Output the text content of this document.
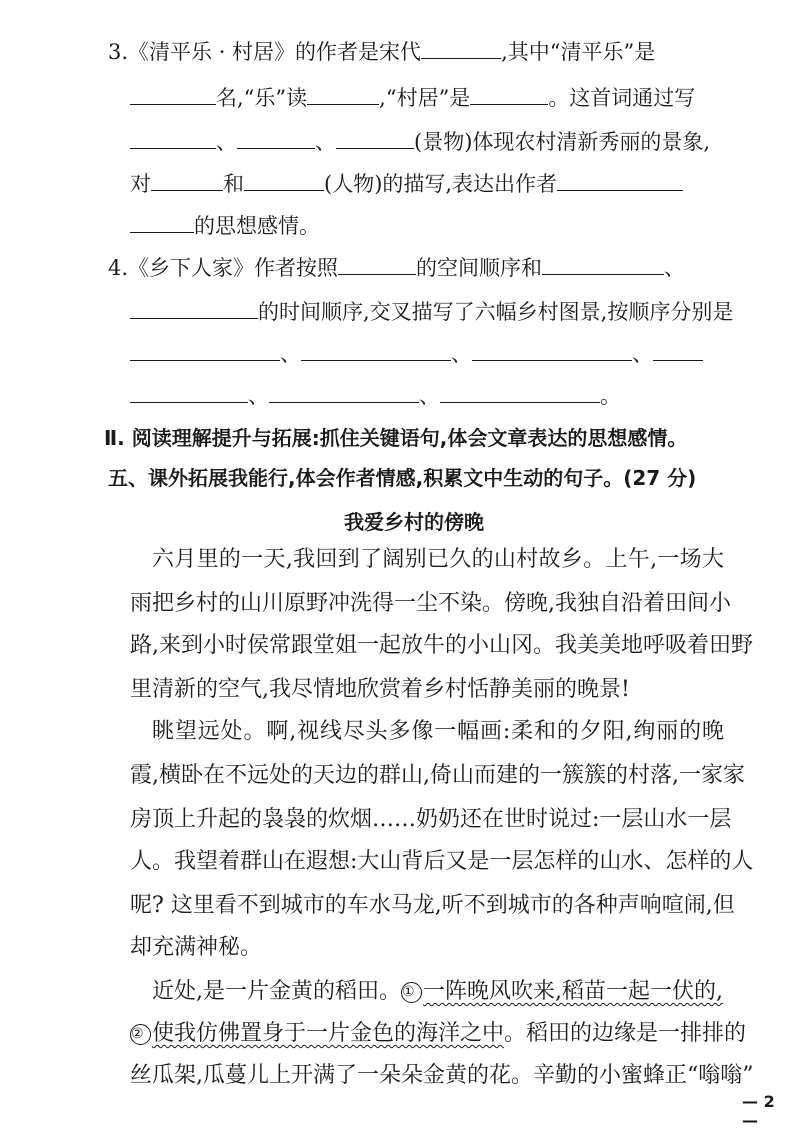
3.《清平乐 · 村居》的作者是宋代	,其中“清平乐”是
名,“乐”读	,“村居”是	。这首词通过写
、	、	(景物)体现农村清新秀丽的景象,
对	和	(人物)的描写,表达出作者
的思想感情。
4.《乡下人家》作者按照	的空间顺序和	、
的时间顺序,交叉描写了六幅乡村图景,按顺序分别是
、	、	、
、	、	。
Ⅱ. 阅读理解提升与拓展:抓住关键语句,体会文章表达的思想感情。
五、课外拓展我能行,体会作者情感,积累文中生动的句子。(27 分)
我爱乡村的傍晚
六月里的一天,我回到了阔别已久的山村故乡。上午,一场大
雨把乡村的山川原野冲洗得一尘不染。傍晚,我独自沿着田间小
路,来到小时侯常跟堂姐一起放牛的小山冈。我美美地呼吸着田野
里清新的空气,我尽情地欣赏着乡村恬静美丽的晚景!
眺望远处。啊,视线尽头多像一幅画:柔和的夕阳,绚丽的晚
霞,横卧在不远处的天边的群山,倚山而建的一簇簇的村落,一家家
房顶上升起的袅袅的炊烟……奶奶还在世时说过:一层山水一层
人。我望着群山在遐想:大山背后又是一层怎样的山水、怎样的人
呢? 这里看不到城市的车水马龙,听不到城市的各种声响喧闹,但
却充满神秘。
近处,是一片金黄的稻田。① 一阵晚风吹来,稻苗一起一伏的,
② 使我仿佛置身于一片金色的海洋之中。稻田的边缘是一排排的
丝瓜架,瓜蔓儿上开满了一朵朵金黄的花。辛勤的小蜜蜂正“嗡嗡”
— 2 —
